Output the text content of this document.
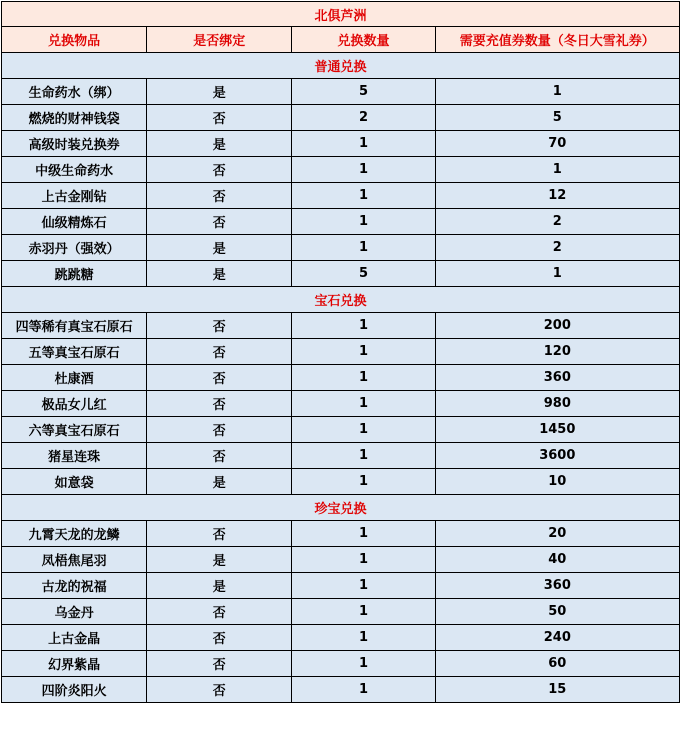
北俱芦洲			
兑换物品	是否绑定	兑换数量	需要充值券数量（冬日大雪礼券）
普通兑换			
生命药水（绑）	是	5	1
燃烧的财神钱袋	否	2	5
高级时装兑换券	是	1	70
中级生命药水	否	1	1
上古金刚钻	否	1	12
仙级精炼石	否	1	2
赤羽丹（强效）	是	1	2
跳跳糖	是	5	1
宝石兑换			
四等稀有真宝石原石	否	1	200
五等真宝石原石	否	1	120
杜康酒	否	1	360
极品女儿红	否	1	980
六等真宝石原石	否	1	1450
猪星连珠	否	1	3600
如意袋	是	1	10
珍宝兑换			
九霄天龙的龙鳞	否	1	20
凤梧焦尾羽	是	1	40
古龙的祝福	是	1	360
乌金丹	否	1	50
上古金晶	否	1	240
幻界紫晶	否	1	60
四阶炎阳火	否	1	15
